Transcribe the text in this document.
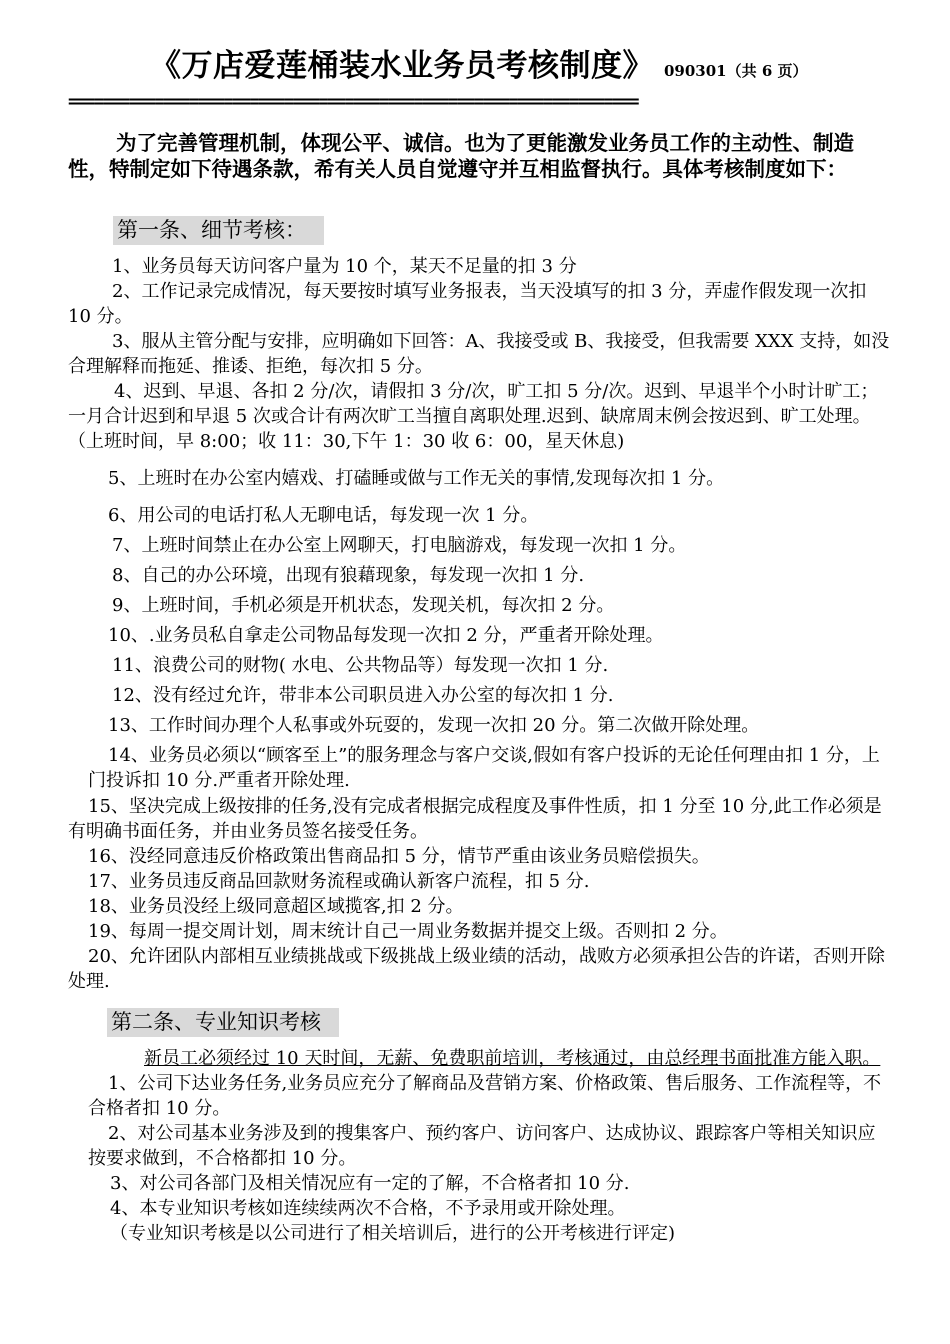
《万店爱莲桶装水业务员考核制度》 090301（共 6 页）
==================================================================
为了完善管理机制，体现公平、诚信。也为了更能激发业务员工作的主动性、制造性，特制定如下待遇条款，希有关人员自觉遵守并互相监督执行。具体考核制度如下：
第一条、细节考核：

1、业务员每天访问客户量为 10 个，某天不足量的扣 3 分

2、工作记录完成情况，每天要按时填写业务报表，当天没填写的扣 3 分，弄虚作假发现一次扣 10 分。

3、服从主管分配与安排，应明确如下回答：A、我接受或 B、我接受，但我需要 XXX 支持，如没合理解释而拖延、推诿、拒绝，每次扣 5 分。

4、迟到、早退、各扣 2 分/次，请假扣 3 分/次，旷工扣 5 分/次。迟到、早退半个小时计旷工；一月合计迟到和早退 5 次或合计有两次旷工当擅自离职处理.迟到、缺席周末例会按迟到、旷工处理。（上班时间，早 8:00；收 11：30,下午 1：30 收 6：00，星天休息)

5、上班时在办公室内嬉戏、打磕睡或做与工作无关的事情,发现每次扣 1 分。

6、用公司的电话打私人无聊电话，每发现一次 1 分。

7、上班时间禁止在办公室上网聊天，打电脑游戏，每发现一次扣 1 分。

8、自己的办公环境，出现有狼藉现象，每发现一次扣 1 分.

9、上班时间，手机必须是开机状态，发现关机，每次扣 2 分。

10、.业务员私自拿走公司物品每发现一次扣 2 分，严重者开除处理。

11、浪费公司的财物( 水电、公共物品等）每发现一次扣 1 分.

12、没有经过允许，带非本公司职员进入办公室的每次扣 1 分.

13、工作时间办理个人私事或外玩耍的，发现一次扣 20 分。第二次做开除处理。

14、业务员必须以“顾客至上”的服务理念与客户交谈,假如有客户投诉的无论任何理由扣 1 分，上门投诉扣 10 分.严重者开除处理.

15、坚决完成上级按排的任务,没有完成者根据完成程度及事件性质，扣 1 分至 10 分,此工作必须是有明确书面任务，并由业务员签名接受任务。

16、没经同意违反价格政策出售商品扣 5 分，情节严重由该业务员赔偿损失。

17、业务员违反商品回款财务流程或确认新客户流程，扣 5 分.

18、业务员没经上级同意超区域揽客,扣 2 分。

19、每周一提交周计划，周末统计自己一周业务数据并提交上级。否则扣 2 分。

20、允许团队内部相互业绩挑战或下级挑战上级业绩的活动，战败方必须承担公告的许诺，否则开除处理.

第二条、专业知识考核

新员工必须经过 10 天时间，无薪、免费职前培训，考核通过，由总经理书面批准方能入职。

1、公司下达业务任务,业务员应充分了解商品及营销方案、价格政策、售后服务、工作流程等，不合格者扣 10 分。

2、对公司基本业务涉及到的搜集客户、预约客户、访问客户、达成协议、跟踪客户等相关知识应按要求做到，不合格都扣 10 分。

3、对公司各部门及相关情况应有一定的了解，不合格者扣 10 分.

4、本专业知识考核如连续续两次不合格，不予录用或开除处理。

（专业知识考核是以公司进行了相关培训后，进行的公开考核进行评定)
